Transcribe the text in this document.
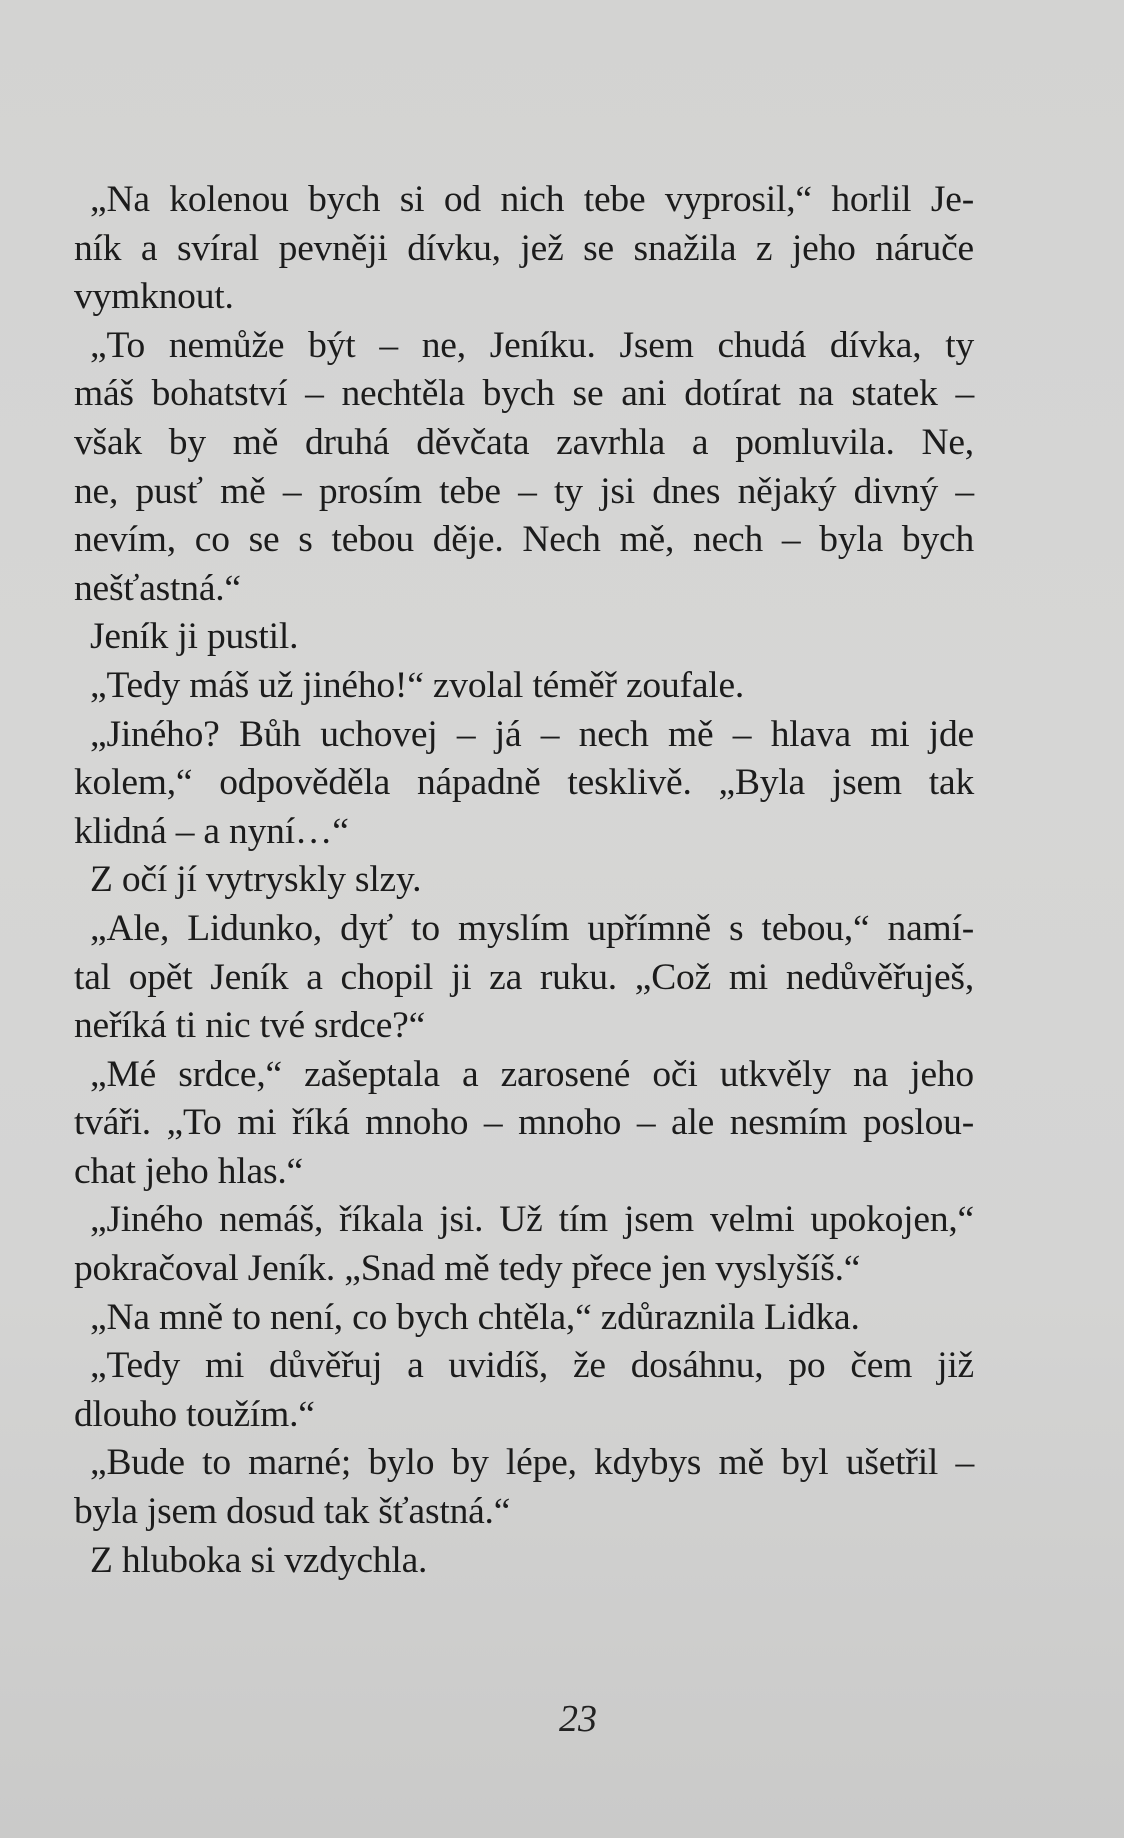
„Na kolenou bych si od nich tebe vyprosil,“ horlil Je-
ník a svíral pevněji dívku, jež se snažila z jeho náruče
vymknout.
„To nemůže být – ne, Jeníku. Jsem chudá dívka, ty
máš bohatství – nechtěla bych se ani dotírat na statek –
však by mě druhá děvčata zavrhla a pomluvila. Ne,
ne, pusť mě – prosím tebe – ty jsi dnes nějaký divný –
nevím, co se s tebou děje. Nech mě, nech – byla bych
nešťastná.“
Jeník ji pustil.
„Tedy máš už jiného!“ zvolal téměř zoufale.
„Jiného? Bůh uchovej – já – nech mě – hlava mi jde
kolem,“ odpověděla nápadně tesklivě. „Byla jsem tak
klidná – a nyní…“
Z očí jí vytryskly slzy.
„Ale, Lidunko, dyť to myslím upřímně s tebou,“ namí-
tal opět Jeník a chopil ji za ruku. „Což mi nedůvěřuješ,
neříká ti nic tvé srdce?“
„Mé srdce,“ zašeptala a zarosené oči utkvěly na jeho
tváři. „To mi říká mnoho – mnoho – ale nesmím poslou-
chat jeho hlas.“
„Jiného nemáš, říkala jsi. Už tím jsem velmi upokojen,“
pokračoval Jeník. „Snad mě tedy přece jen vyslyšíš.“
„Na mně to není, co bych chtěla,“ zdůraznila Lidka.
„Tedy mi důvěřuj a uvidíš, že dosáhnu, po čem již
dlouho toužím.“
„Bude to marné; bylo by lépe, kdybys mě byl ušetřil –
byla jsem dosud tak šťastná.“
Z hluboka si vzdychla.
23
